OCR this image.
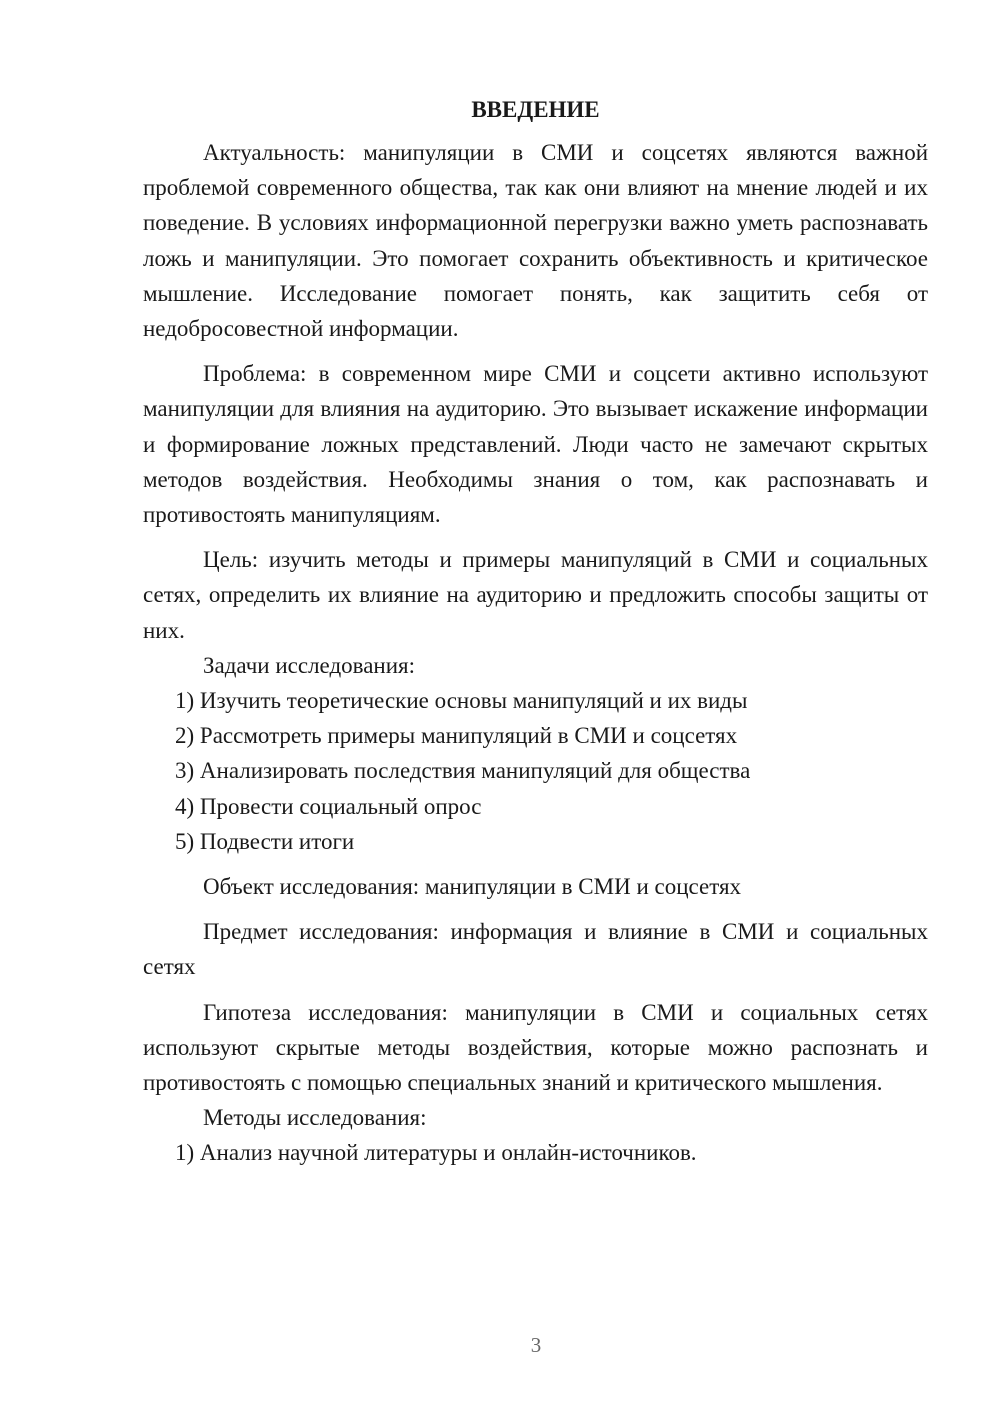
ВВЕДЕНИЕ

Актуальность: манипуляции в СМИ и соцсетях являются важной проблемой современного общества, так как они влияют на мнение людей и их поведение. В условиях информационной перегрузки важно уметь распознавать ложь и манипуляции. Это помогает сохранить объективность и критическое мышление. Исследование помогает понять, как защитить себя от недобросовестной информации.

Проблема: в современном мире СМИ и соцсети активно используют манипуляции для влияния на аудиторию. Это вызывает искажение информации и формирование ложных представлений. Люди часто не замечают скрытых методов воздействия. Необходимы знания о том, как распознавать и противостоять манипуляциям.

Цель: изучить методы и примеры манипуляций в СМИ и социальных сетях, определить их влияние на аудиторию и предложить способы защиты от них.

Задачи исследования:

1) Изучить теоретические основы манипуляций и их виды

2) Рассмотреть примеры манипуляций в СМИ и соцсетях

3) Анализировать последствия манипуляций для общества

4) Провести социальный опрос

5) Подвести итоги

Объект исследования: манипуляции в СМИ и соцсетях

Предмет исследования: информация и влияние в СМИ и социальных сетях

Гипотеза исследования: манипуляции в СМИ и социальных сетях используют скрытые методы воздействия, которые можно распознать и противостоять с помощью специальных знаний и критического мышления.

Методы исследования:

1) Анализ научной литературы и онлайн-источников.

3
